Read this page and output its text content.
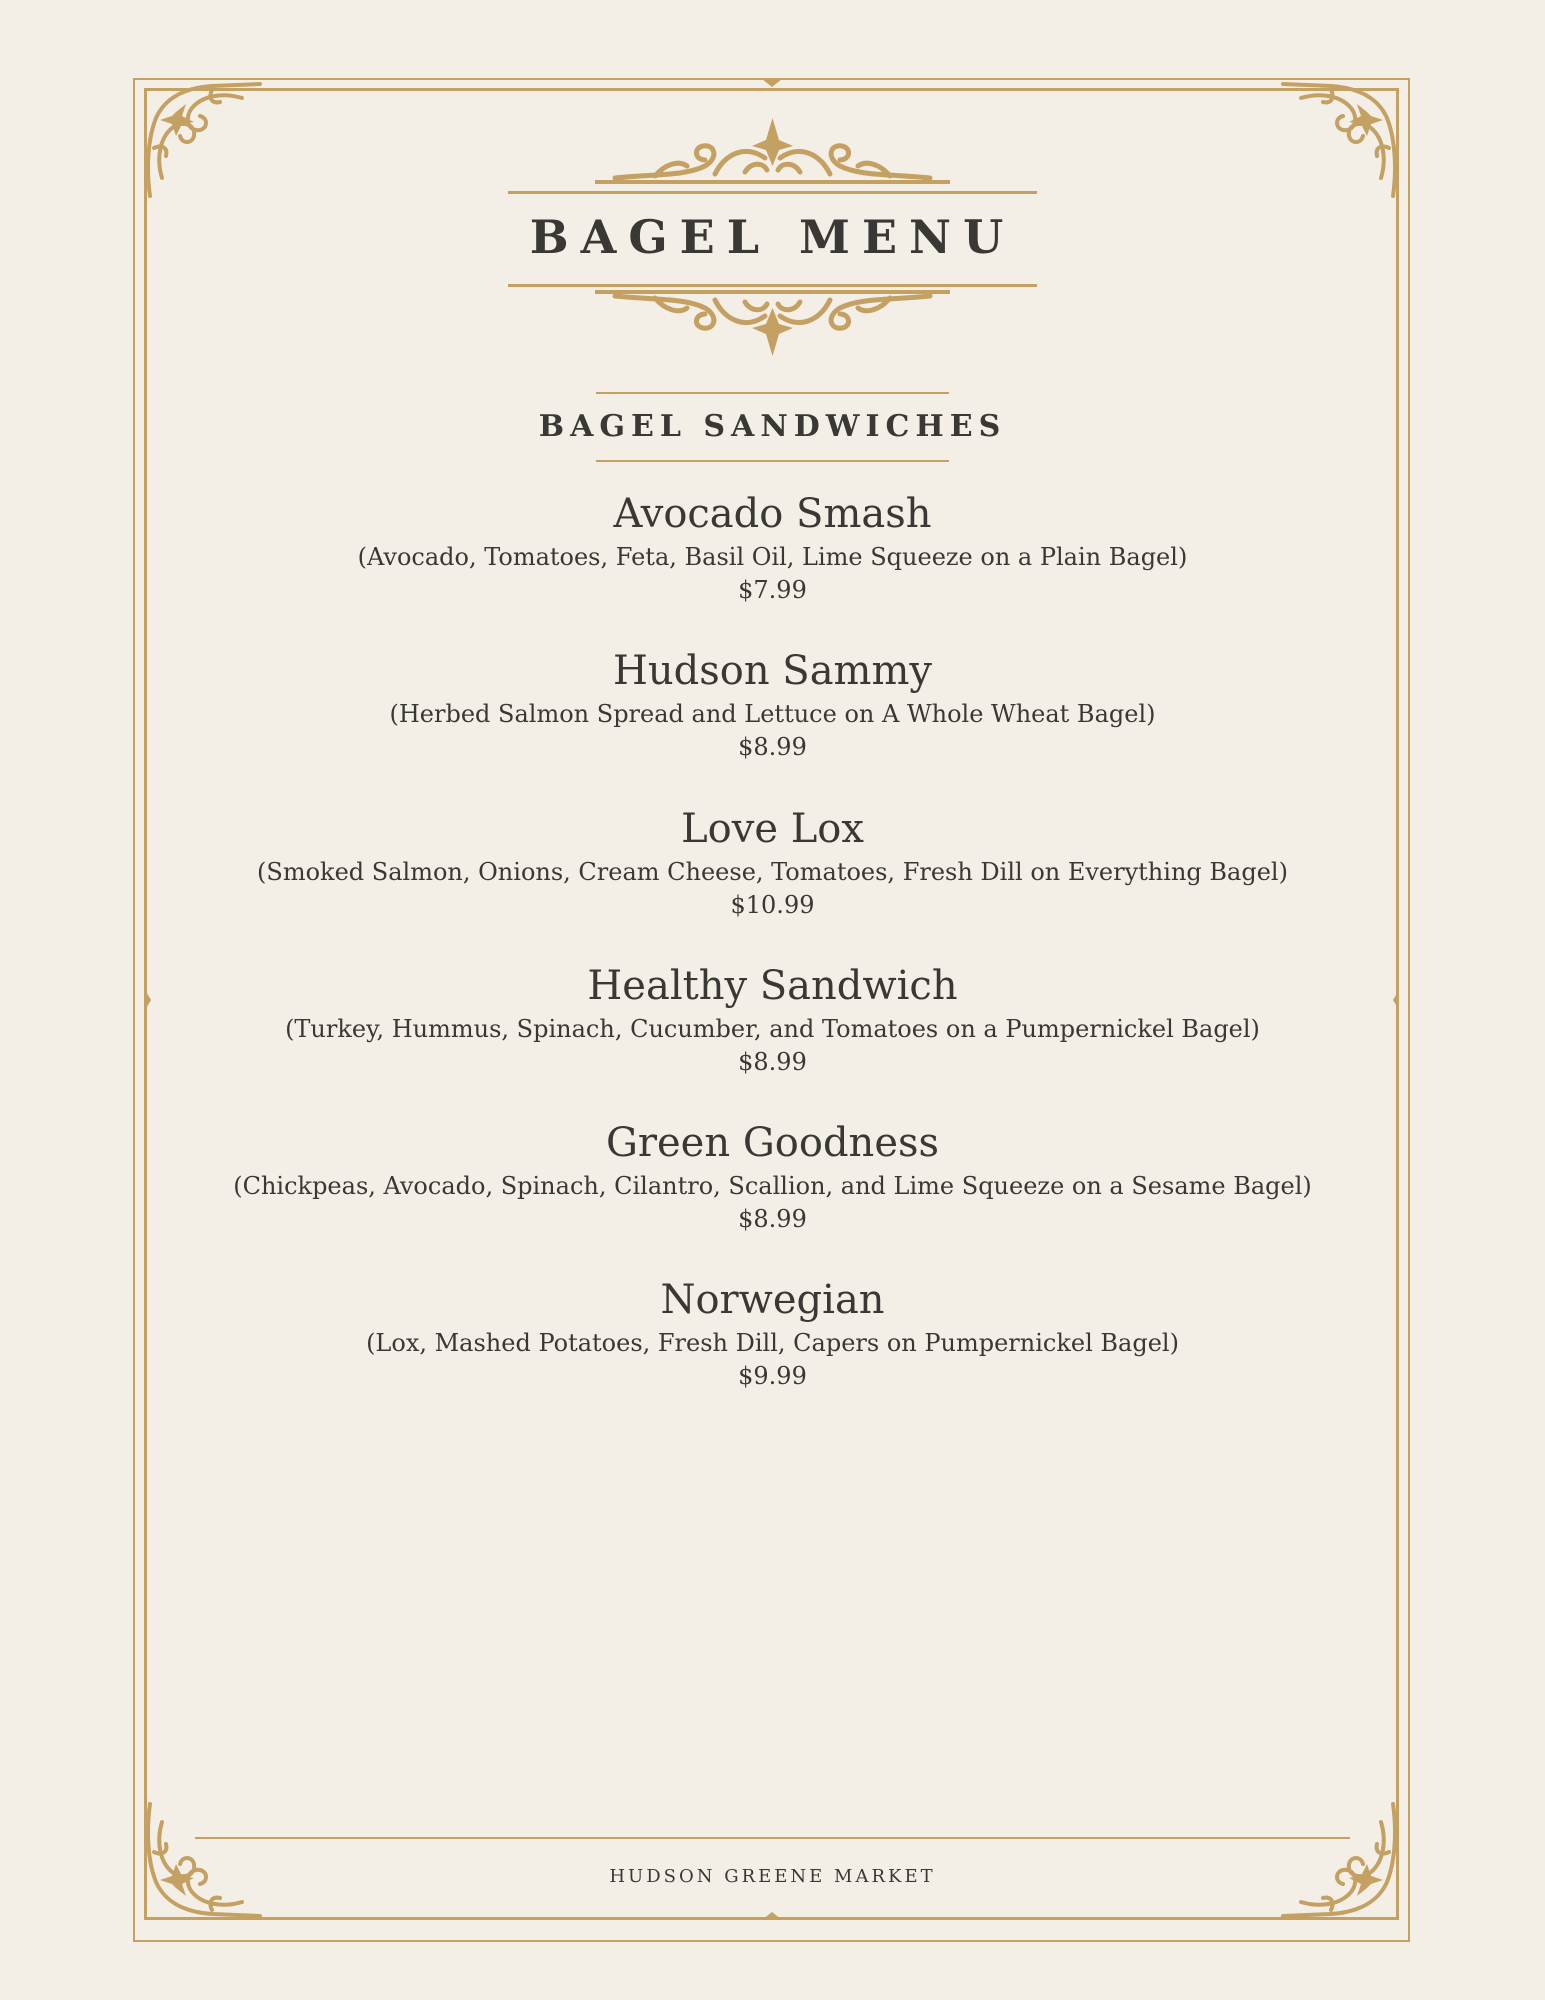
BAGEL MENU
BAGEL SANDWICHES
Avocado Smash
(Avocado, Tomatoes, Feta, Basil Oil, Lime Squeeze on a Plain Bagel)
$7.99
Hudson Sammy
(Herbed Salmon Spread and Lettuce on A Whole Wheat Bagel)
$8.99
Love Lox
(Smoked Salmon, Onions, Cream Cheese, Tomatoes, Fresh Dill on Everything Bagel)
$10.99
Healthy Sandwich
(Turkey, Hummus, Spinach, Cucumber, and Tomatoes on a Pumpernickel Bagel)
$8.99
Green Goodness
(Chickpeas, Avocado, Spinach, Cilantro, Scallion, and Lime Squeeze on a Sesame Bagel)
$8.99
Norwegian
(Lox, Mashed Potatoes, Fresh Dill, Capers on Pumpernickel Bagel)
$9.99
HUDSON GREENE MARKET
